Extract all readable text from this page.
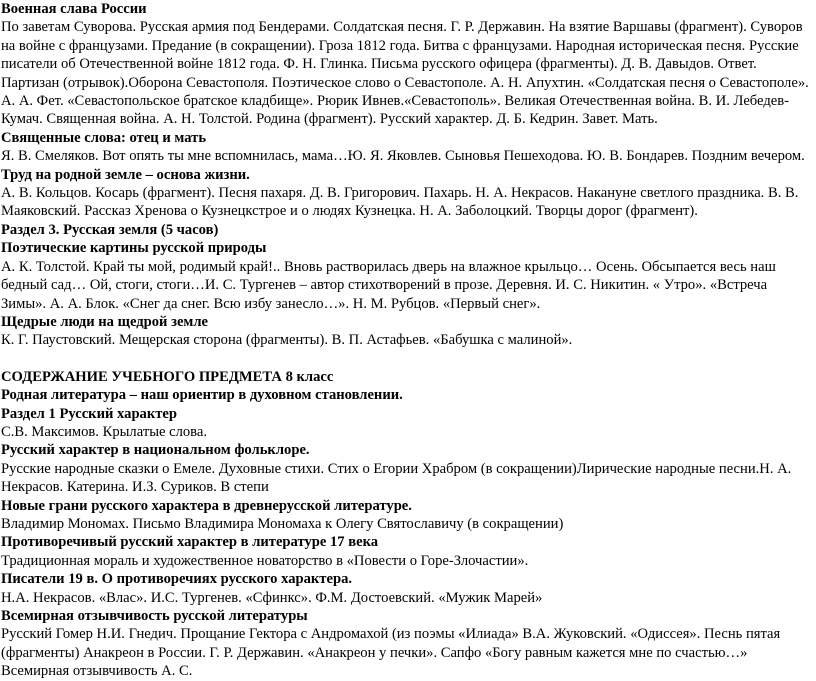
Военная слава России

По заветам Суворова. Русская армия под Бендерами. Солдатская песня. Г. Р. Державин. На взятие Варшавы (фрагмент). Суворов на войне с французами. Предание (в сокращении). Гроза 1812 года. Битва с французами. Народная историческая песня. Русские писатели об Отечественной войне 1812 года. Ф. Н. Глинка. Письма русского офицера (фрагменты). Д. В. Давыдов. Ответ. Партизан (отрывок).Оборона Севастополя. Поэтическое слово о Севастополе. А. Н. Апухтин. «Солдатская песня о Севастополе». А. А. Фет. «Севастопольское братское кладбище». Рюрик Ивнев.«Севастополь». Великая Отечественная война. В. И. Лебедев-Кумач. Священная война. А. Н. Толстой. Родина (фрагмент). Русский характер. Д. Б. Кедрин. Завет. Мать.

Священные слова: отец и мать

Я. В. Смеляков. Вот опять ты мне вспомнилась, мама…Ю. Я. Яковлев. Сыновья Пешеходова. Ю. В. Бондарев. Поздним вечером.

Труд на родной земле – основа жизни.

А. В. Кольцов. Косарь (фрагмент). Песня пахаря. Д. В. Григорович. Пахарь. Н. А. Некрасов. Накануне светлого праздника. В. В. Маяковский. Рассказ Хренова о Кузнецкстрое и о людях Кузнецка. Н. А. Заболоцкий. Творцы дорог (фрагмент).

Раздел 3. Русская земля (5 часов)

Поэтические картины русской природы

А. К. Толстой. Край ты мой, родимый край!.. Вновь растворилась дверь на влажное крыльцо… Осень. Обсыпается весь наш бедный сад… Ой, стоги, стоги…И. С. Тургенев – автор стихотворений в прозе. Деревня. И. С. Никитин. « Утро». «Встреча Зимы». А. А. Блок. «Снег да снег. Всю избу занесло…». Н. М. Рубцов. «Первый снег».

Щедрые люди на щедрой земле

К. Г. Паустовский. Мещерская сторона (фрагменты). В. П. Астафьев. «Бабушка с малиной».

СОДЕРЖАНИЕ УЧЕБНОГО ПРЕДМЕТА 8 класс

Родная литература – наш ориентир в духовном становлении.

Раздел 1 Русский характер

С.В. Максимов. Крылатые слова.

Русский характер в национальном фольклоре.

Русские народные сказки о Емеле. Духовные стихи. Стих о Егории Храбром (в сокращении)Лирические народные песни.Н. А. Некрасов. Катерина. И.З. Суриков. В степи

Новые грани русского характера в древнерусской литературе.

Владимир Мономах. Письмо Владимира Мономаха к Олегу Святославичу (в сокращении)

Противоречивый русский характер в литературе 17 века

Традиционная мораль и художественное новаторство в «Повести о Горе-Злочастии».

Писатели 19 в. О противоречиях русского характера.

Н.А. Некрасов. «Влас». И.С. Тургенев. «Сфинкс». Ф.М. Достоевский. «Мужик Марей»

Всемирная отзывчивость русской литературы

Русский Гомер Н.И. Гнедич. Прощание Гектора с Андромахой (из поэмы «Илиада» В.А. Жуковский. «Одиссея». Песнь пятая (фрагменты) Анакреон в России. Г. Р. Державин. «Анакреон у печки». Сапфо «Богу равным кажется мне по счастью…» Всемирная отзывчивость А. С.
